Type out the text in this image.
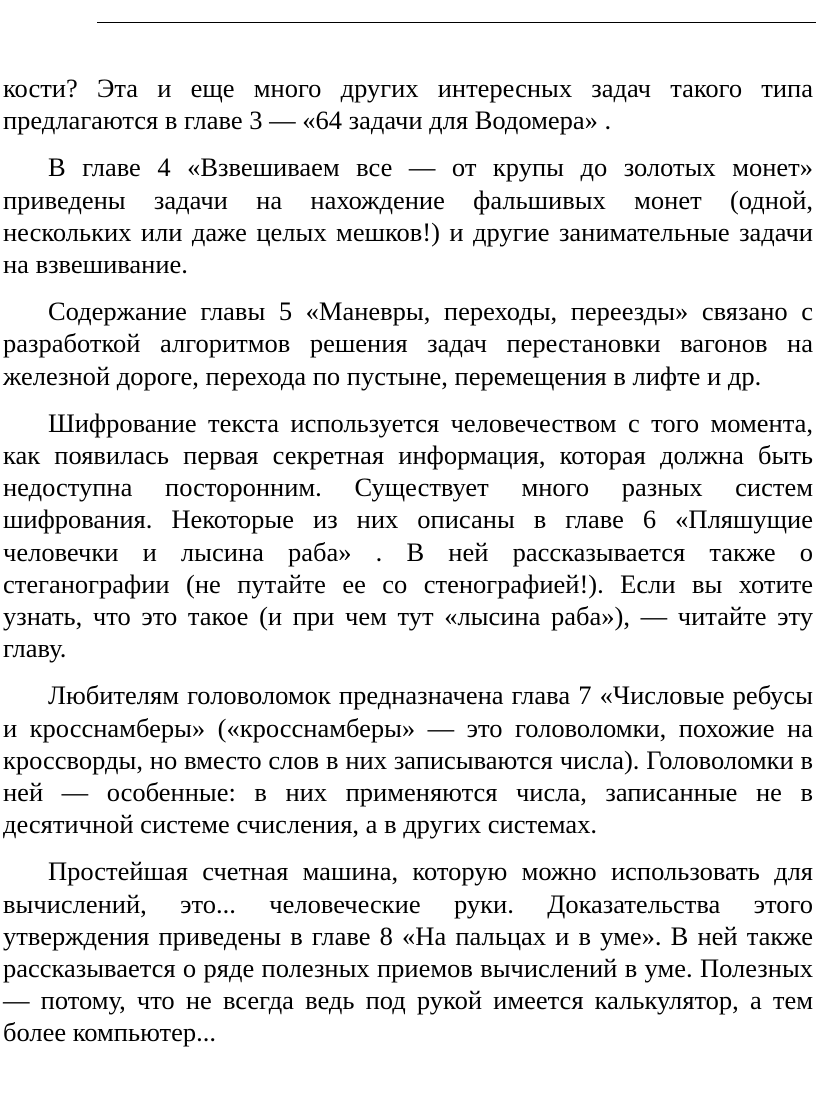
кости? Эта и еще много других интересных задач такого типа предлагаются в главе 3 — «64 задачи для Водомера» .

В главе 4 «Взвешиваем все — от крупы до золотых монет» приведены задачи на нахождение фальшивых монет (одной, нескольких или даже целых мешков!) и другие занимательные задачи на взвешивание.

Содержание главы 5 «Маневры, переходы, переезды» связано с разработкой алгоритмов решения задач перестановки вагонов на железной дороге, перехода по пустыне, перемещения в лифте и др.

Шифрование текста используется человечеством с того момента, как появилась первая секретная информация, которая должна быть недоступна посторонним. Существует много разных систем шифрования. Некоторые из них описаны в главе 6 «Пляшущие человечки и лысина раба» . В ней рассказывается также о стеганографии (не путайте ее со стенографией!). Если вы хотите узнать, что это такое (и при чем тут «лысина раба»), — читайте эту главу.

Любителям головоломок предназначена глава 7 «Числовые ребусы и кросснамберы» («кросснамберы» — это головоломки, похожие на кроссворды, но вместо слов в них записываются числа). Головоломки в ней — особенные: в них применяются числа, записанные не в десятичной системе счисления, а в других системах.

Простейшая счетная машина, которую можно использовать для вычислений, это... человеческие руки. Доказательства этого утверждения приведены в главе 8 «На пальцах и в уме». В ней также рассказывается о ряде полезных приемов вычислений в уме. Полезных — потому, что не всегда ведь под рукой имеется калькулятор, а тем более компьютер...
